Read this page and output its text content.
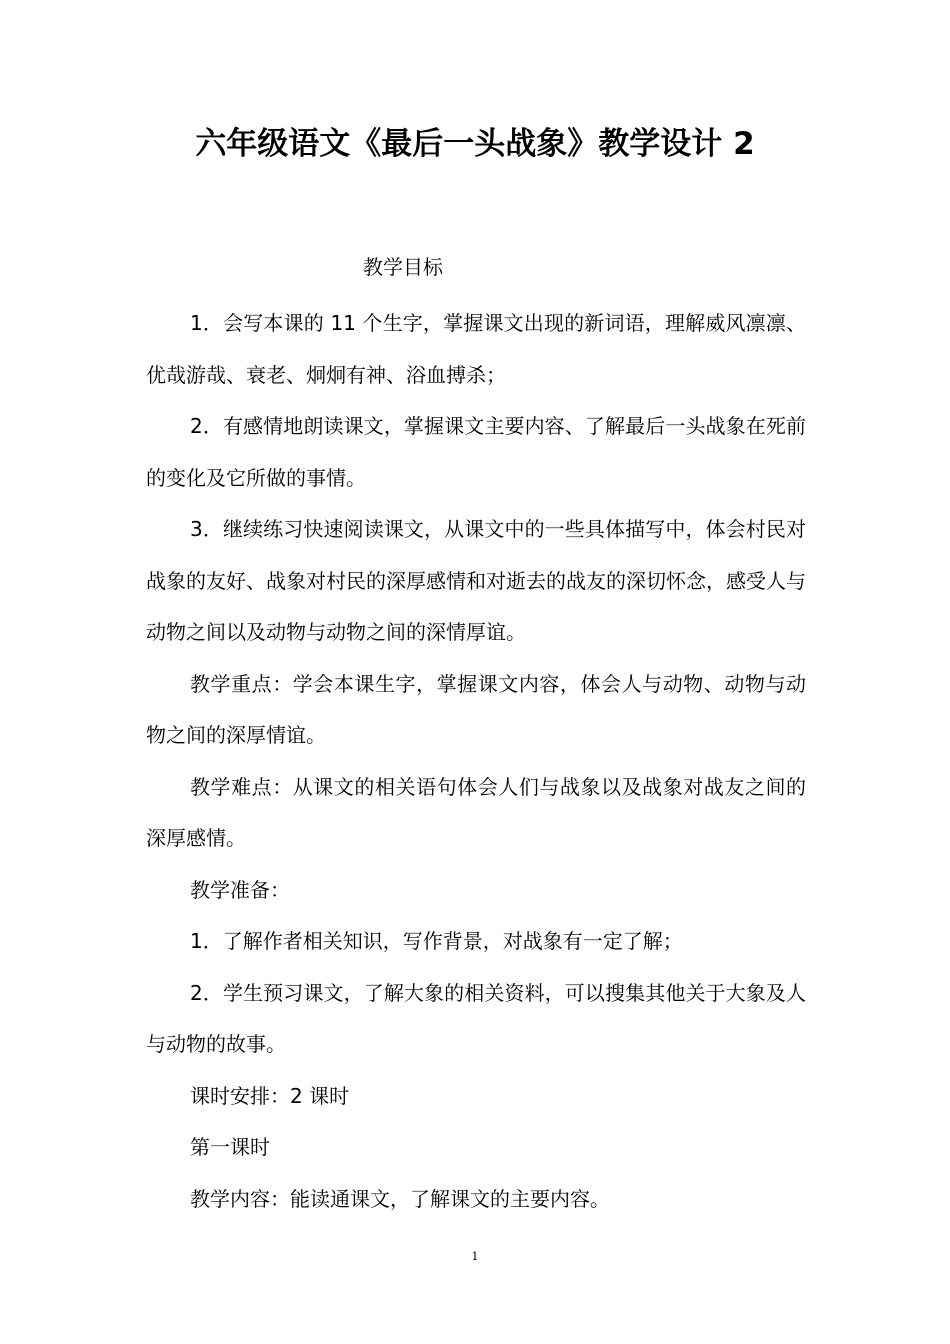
六年级语文《最后一头战象》教学设计 2

教学目标

1．会写本课的 11 个生字，掌握课文出现的新词语，理解威风凛凛、优哉游哉、衰老、炯炯有神、浴血搏杀；

2．有感情地朗读课文，掌握课文主要内容、了解最后一头战象在死前的变化及它所做的事情。

3．继续练习快速阅读课文，从课文中的一些具体描写中，体会村民对战象的友好、战象对村民的深厚感情和对逝去的战友的深切怀念，感受人与动物之间以及动物与动物之间的深情厚谊。

教学重点：学会本课生字，掌握课文内容，体会人与动物、动物与动物之间的深厚情谊。

教学难点：从课文的相关语句体会人们与战象以及战象对战友之间的深厚感情。

教学准备：

1．了解作者相关知识，写作背景，对战象有一定了解；

2．学生预习课文，了解大象的相关资料，可以搜集其他关于大象及人与动物的故事。

课时安排：2 课时

第一课时

教学内容：能读通课文，了解课文的主要内容。

1
